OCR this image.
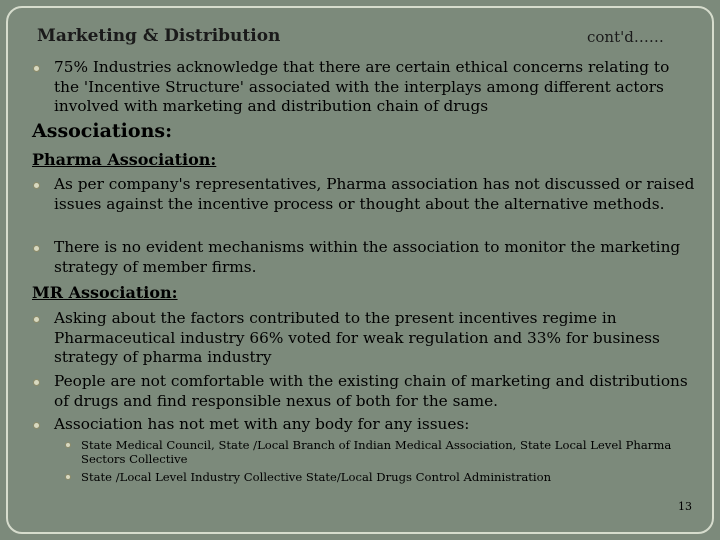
Marketing & Distribution	cont'd……
75% Industries acknowledge that there are certain ethical concerns relating to the 'Incentive Structure' associated with the interplays among different actors involved with marketing and distribution chain of drugs
Associations:
Pharma Association:
As per company's representatives, Pharma association has not discussed or raised issues against the incentive process or thought about the alternative methods.
There is no evident mechanisms within the association to monitor the marketing strategy of member firms.
MR Association:
Asking about the factors contributed to the present incentives regime in Pharmaceutical industry 66% voted for weak regulation and 33% for business strategy of pharma industry
People are not comfortable with the existing chain of marketing and distributions of drugs and find responsible nexus of both for the same.
Association has not met with any body for any issues:
State Medical Council, State /Local Branch of Indian Medical Association, State Local Level Pharma Sectors Collective
State /Local Level Industry Collective State/Local Drugs Control Administration
13
